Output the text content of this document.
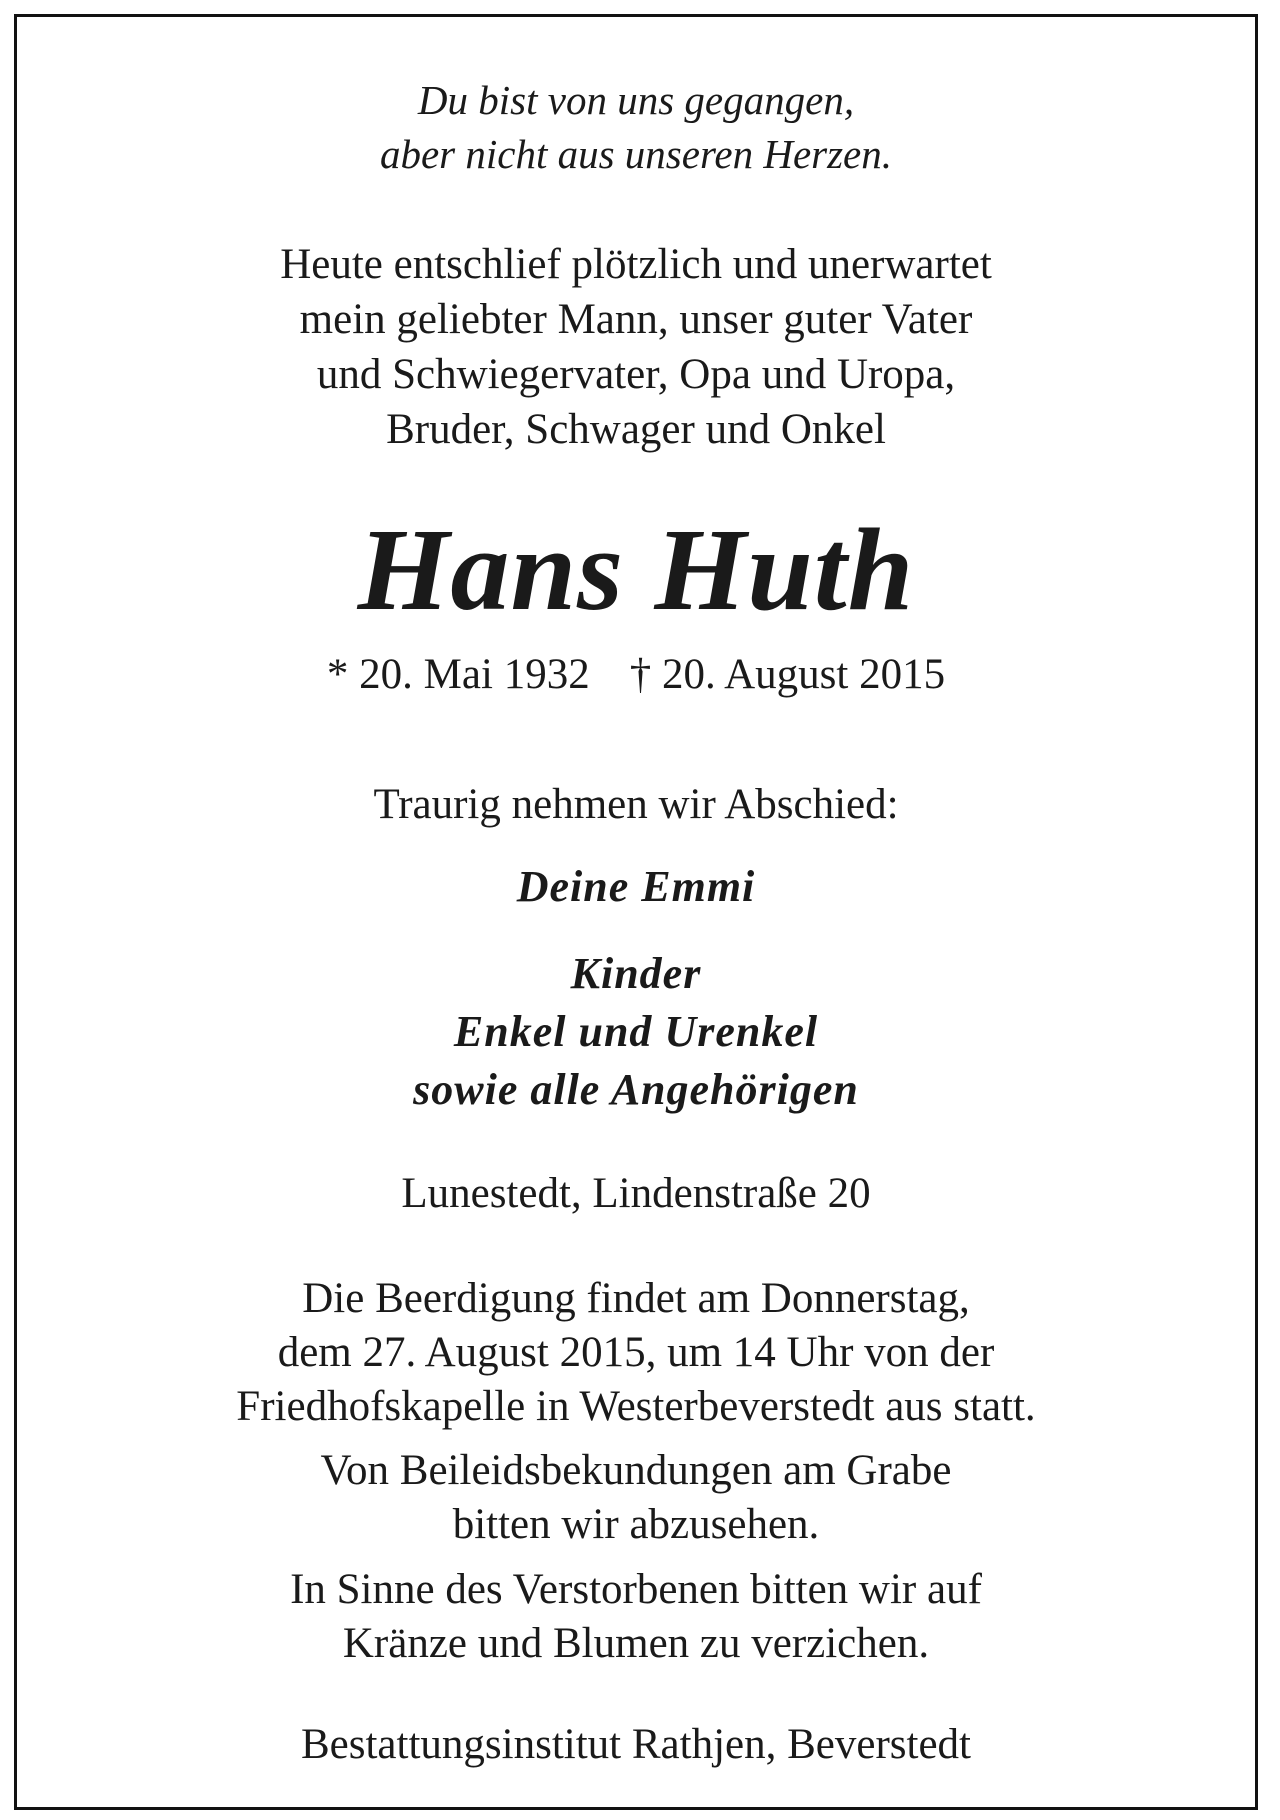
Du bist von uns gegangen,
aber nicht aus unseren Herzen.
Heute entschlief plötzlich und unerwartet
mein geliebter Mann, unser guter Vater
und Schwiegervater, Opa und Uropa,
Bruder, Schwager und Onkel
Hans Huth
* 20. Mai 1932 † 20. August 2015
Traurig nehmen wir Abschied:
Deine Emmi
Kinder
Enkel und Urenkel
sowie alle Angehörigen
Lunestedt, Lindenstraße 20
Die Beerdigung findet am Donnerstag,
dem 27. August 2015, um 14 Uhr von der
Friedhofskapelle in Westerbeverstedt aus statt.
Von Beileidsbekundungen am Grabe
bitten wir abzusehen.
In Sinne des Verstorbenen bitten wir auf
Kränze und Blumen zu verzichen.
Bestattungsinstitut Rathjen, Beverstedt
